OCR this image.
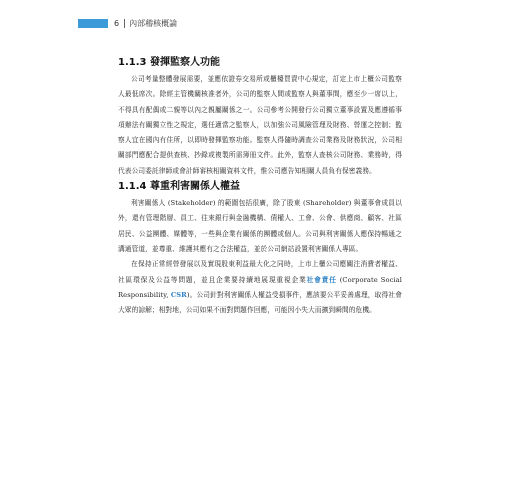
6 內部稽核概論
1.1.3 發揮監察人功能

公司考量整體發展需要，並應依證券交易所或櫃檯買賣中心規定，訂定上市上櫃公司監察人最低席次。除經主管機關核准者外，公司的監察人間或監察人與董事間，應至少一席以上，不得具有配偶或二親等以內之親屬關係之一。公司參考公開發行公司獨立董事設置及應遵循事項辦法有關獨立性之規定，選任適當之監察人，以加強公司風險管理及財務、營運之控制；監察人宜在國內有住所，以即時發揮監察功能。監察人得隨時調查公司業務及財務狀況，公司相關部門應配合提供查核、抄錄或複製所需簿冊文件。此外，監察人查核公司財務、業務時，得代表公司委託律師或會計師審核相關資料文件，惟公司應告知相關人員負有保密義務。

1.1.4 尊重利害關係人權益

利害關係人 (Stakeholder) 的範圍包括很廣，除了股東 (Shareholder) 與董事會成員以外，還有管理階層、員工、往來銀行與金融機構、債權人、工會、公會、供應商、顧客、社區居民、公益團體、媒體等，一些與企業有關係的團體或個人。公司與利害關係人應保持暢通之溝通管道，並尊重、維護其應有之合法權益，並於公司網站設置利害關係人專區。

在保持正常經營發展以及實現股東利益最大化之同時，上市上櫃公司應關注消費者權益、社區環保及公益等問題，並且企業要持續地展現重視企業社會責任 (Corporate Social Responsibility, CSR)。公司針對利害關係人權益受損事件，應該要公平妥善處理，取得社會大眾的諒解；相對地，公司如果不面對問題作回應，可能因小失大而擴到瞬間的危機。
